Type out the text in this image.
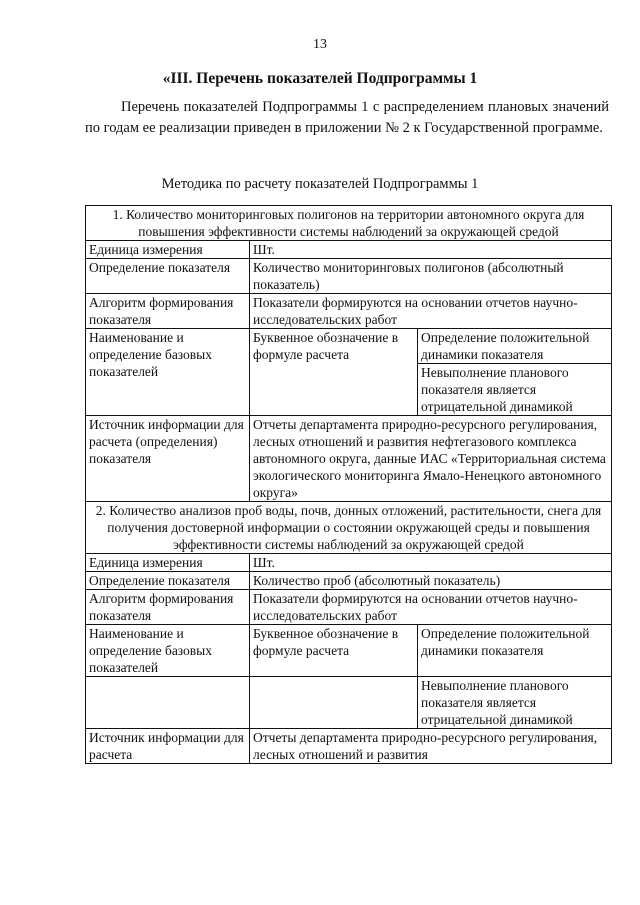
13
«III. Перечень показателей Подпрограммы 1
Перечень показателей Подпрограммы 1 с распределением плановых значений по годам ее реализации приведен в приложении № 2 к Государственной программе.
Методика по расчету показателей Подпрограммы 1
1. Количество мониторинговых полигонов на территории автономного округа для повышения эффективности системы наблюдений за окружающей средой		
Единица измерения	Шт.	
Определение показателя	Количество мониторинговых полигонов (абсолютный показатель)	
Алгоритм формирования показателя	Показатели формируются на основании отчетов научно-исследовательских работ	
Наименование и определение базовых показателей	Буквенное обозначение в формуле расчета	Определение положительной динамики показателя
		Невыполнение планового показателя является отрицательной динамикой
Источник информации для расчета (определения) показателя	Отчеты департамента природно-ресурсного регулирования, лесных отношений и развития нефтегазового комплекса автономного округа, данные ИАС «Территориальная система экологического мониторинга Ямало-Ненецкого автономного округа»	
2. Количество анализов проб воды, почв, донных отложений, растительности, снега для получения достоверной информации о состоянии окружающей среды и повышения эффективности системы наблюдений за окружающей средой		
Единица измерения	Шт.	
Определение показателя	Количество проб (абсолютный показатель)	
Алгоритм формирования показателя	Показатели формируются на основании отчетов научно-исследовательских работ	
Наименование и определение базовых показателей	Буквенное обозначение в формуле расчета	Определение положительной динамики показателя
		Невыполнение планового показателя является отрицательной динамикой
Источник информации для расчета	Отчеты департамента природно-ресурсного регулирования, лесных отношений и развития	
